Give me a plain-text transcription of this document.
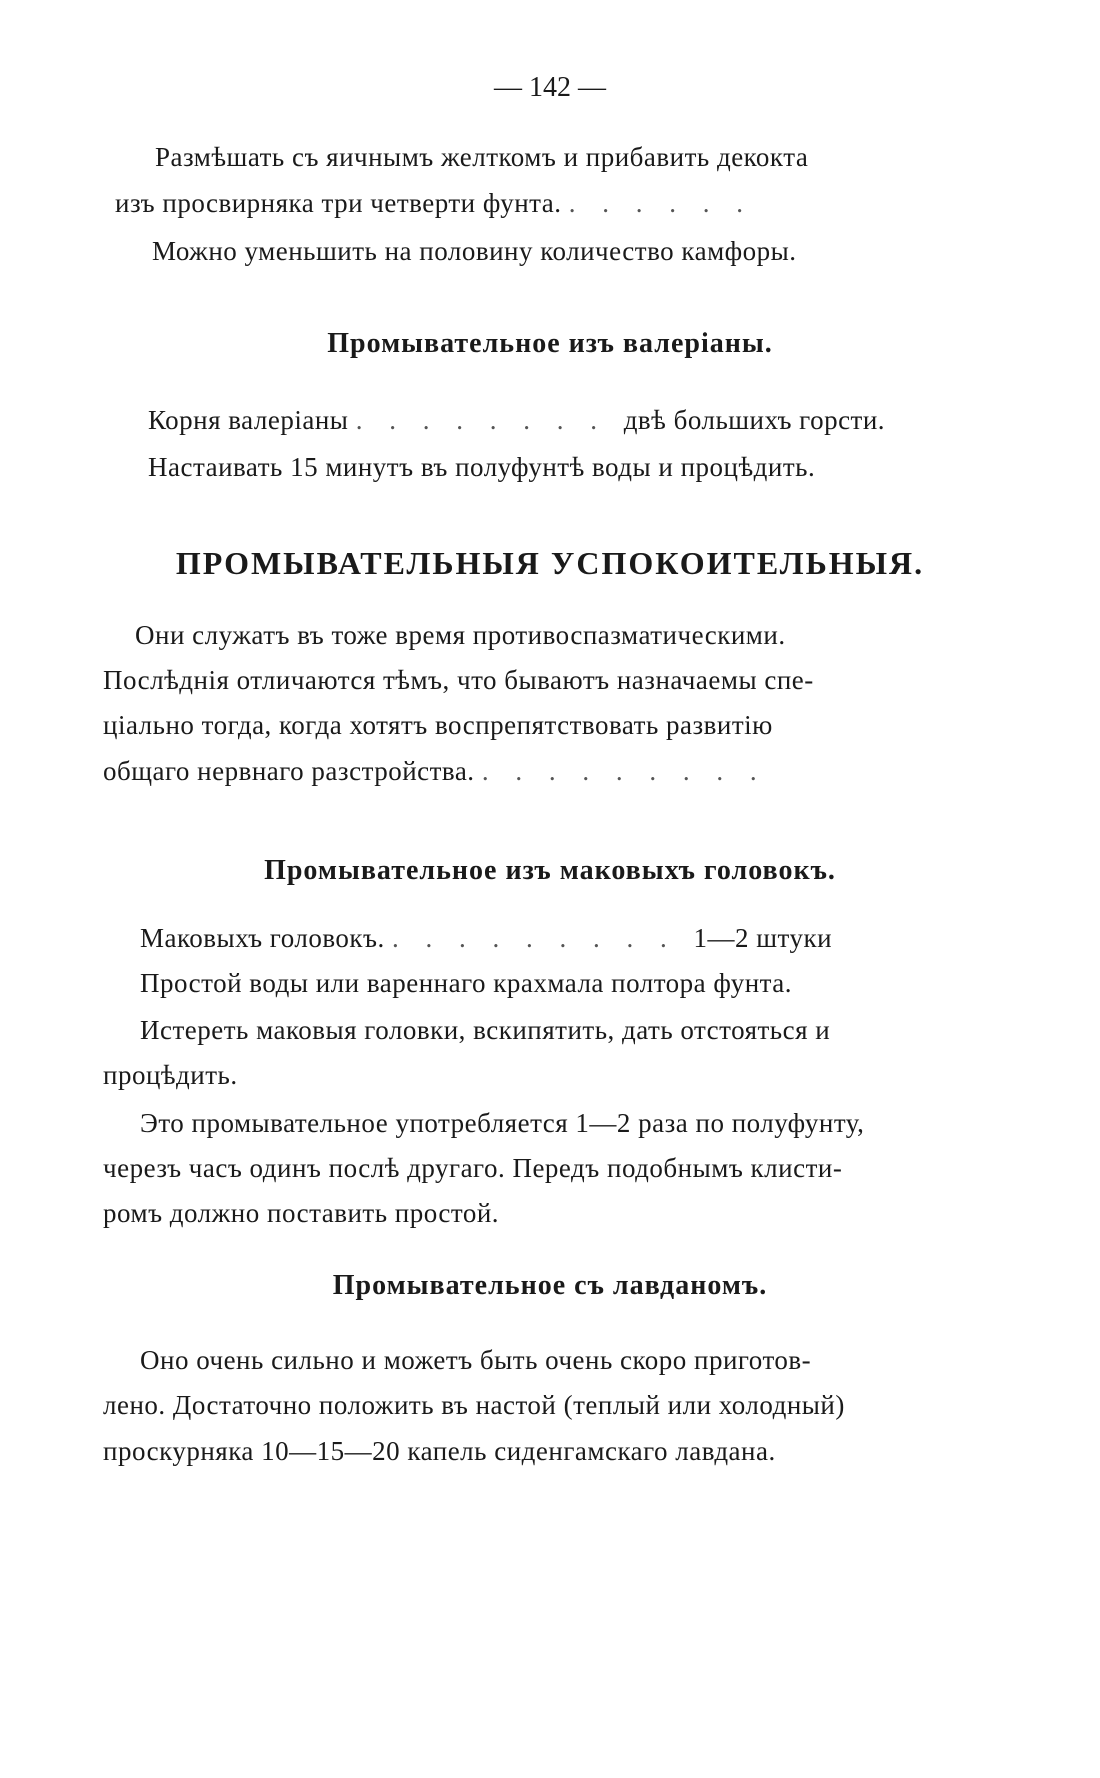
— 142 —
Размѣшать съ яичнымъ желткомъ и прибавить декокта
изъ просвирняка три четверти фунта. . . . . . .
Можно уменьшить на половину количество камфоры.
Промывательное изъ валеріаны.
Корня валеріаны . . . . . . . . двѣ большихъ горсти.
Настаивать 15 минутъ въ полуфунтѣ воды и процѣдить.
ПРОМЫВАТЕЛЬНЫЯ УСПОКОИТЕЛЬНЫЯ.
Они служатъ въ тоже время противоспазматическими.
Послѣднія отличаются тѣмъ, что бываютъ назначаемы спе-
ціально тогда, когда хотятъ воспрепятствовать развитію
общаго нервнаго разстройства. . . . . . . . . .
Промывательное изъ маковыхъ головокъ.
Маковыхъ головокъ. . . . . . . . . . 1—2 штуки
Простой воды или вареннаго крахмала полтора фунта.
Истереть маковыя головки, вскипятить, дать отстояться и
процѣдить.
Это промывательное употребляется 1—2 раза по полуфунту,
черезъ часъ одинъ послѣ другаго. Передъ подобнымъ клисти-
ромъ должно поставить простой.
Промывательное съ лавданомъ.
Оно очень сильно и можетъ быть очень скоро приготов-
лено. Достаточно положить въ настой (теплый или холодный)
проскурняка 10—15—20 капель сиденгамскаго лавдана.
